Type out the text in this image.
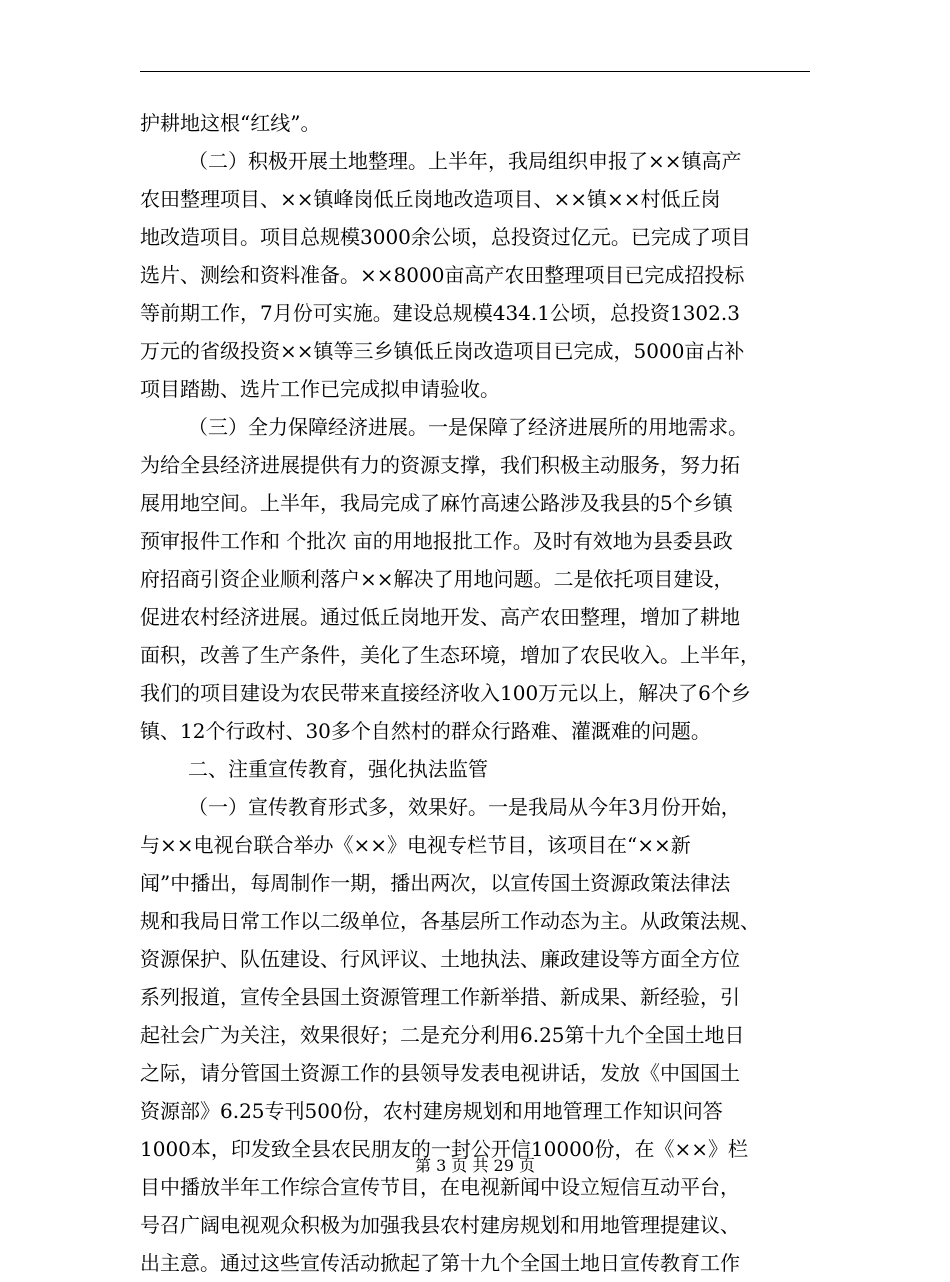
护耕地这根“红线”。
（二）积极开展土地整理。上半年，我局组织申报了××镇高产
农田整理项目、××镇峰岗低丘岗地改造项目、××镇××村低丘岗
地改造项目。项目总规模3000余公顷，总投资过亿元。已完成了项目
选片、测绘和资料准备。××8000亩高产农田整理项目已完成招投标
等前期工作，7月份可实施。建设总规模434.1公顷，总投资1302.3
万元的省级投资××镇等三乡镇低丘岗改造项目已完成，5000亩占补
项目踏勘、选片工作已完成拟申请验收。
（三）全力保障经济进展。一是保障了经济进展所的用地需求。
为给全县经济进展提供有力的资源支撑，我们积极主动服务，努力拓
展用地空间。上半年，我局完成了麻竹高速公路涉及我县的5个乡镇
预审报件工作和 个批次 亩的用地报批工作。及时有效地为县委县政
府招商引资企业顺利落户××解决了用地问题。二是依托项目建设，
促进农村经济进展。通过低丘岗地开发、高产农田整理，增加了耕地
面积，改善了生产条件，美化了生态环境，增加了农民收入。上半年，
我们的项目建设为农民带来直接经济收入100万元以上，解决了6个乡
镇、12个行政村、30多个自然村的群众行路难、灌溉难的问题。
二、注重宣传教育，强化执法监管
（一）宣传教育形式多，效果好。一是我局从今年3月份开始，
与××电视台联合举办《××》电视专栏节目，该项目在“××新
闻”中播出，每周制作一期，播出两次，以宣传国土资源政策法律法
规和我局日常工作以二级单位，各基层所工作动态为主。从政策法规、
资源保护、队伍建设、行风评议、土地执法、廉政建设等方面全方位
系列报道，宣传全县国土资源管理工作新举措、新成果、新经验，引
起社会广为关注，效果很好；二是充分利用6.25第十九个全国土地日
之际，请分管国土资源工作的县领导发表电视讲话，发放《中国国土
资源部》6.25专刊500份，农村建房规划和用地管理工作知识问答
1000本，印发致全县农民朋友的一封公开信10000份，在《××》栏
目中播放半年工作综合宣传节目，在电视新闻中设立短信互动平台，
号召广阔电视观众积极为加强我县农村建房规划和用地管理提建议、
出主意。通过这些宣传活动掀起了第十九个全国土地日宣传教育工作
第 3 页 共 29 页
